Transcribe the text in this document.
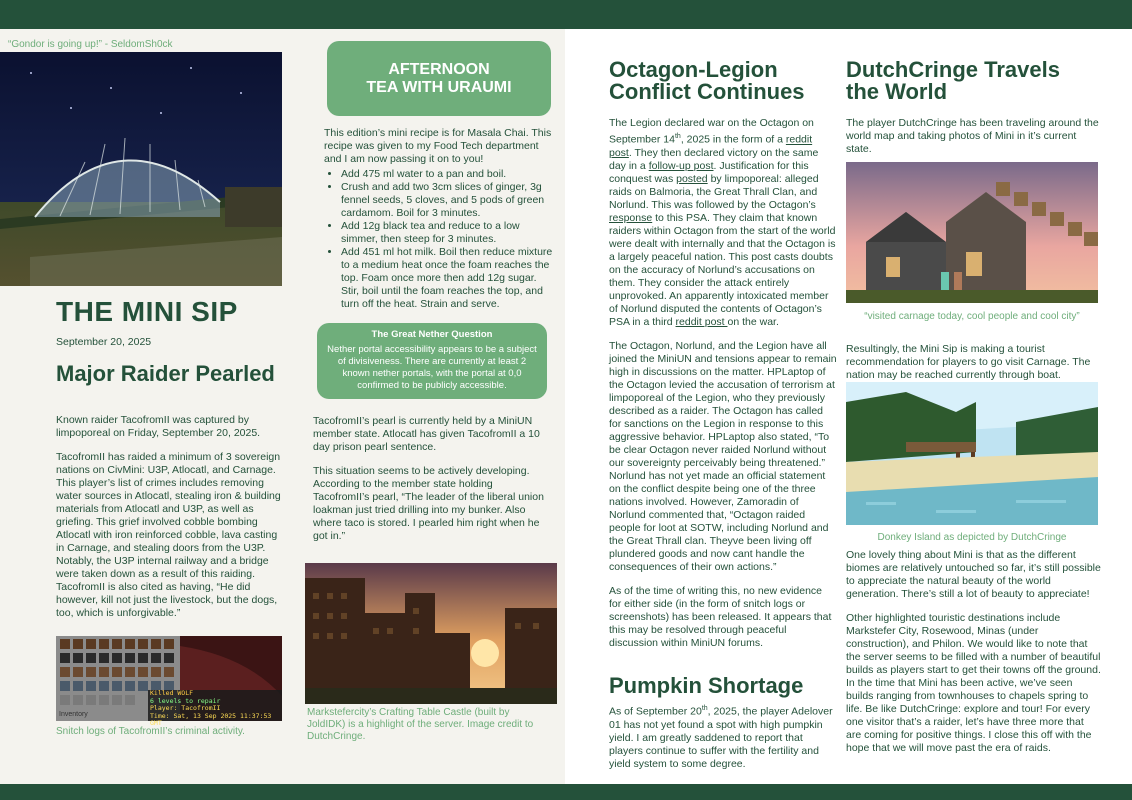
“Gondor is going up!” - SeldomSh0ck
AFTERNOON
TEA WITH URAUMI
This edition’s mini recipe is for Masala Chai. This recipe was given to my Food Tech department and I am now passing it on to you!
• Add 475 ml water to a pan and boil.
• Crush and add two 3cm slices of ginger, 3g fennel seeds, 5 cloves, and 5 pods of green cardamom. Boil for 3 minutes.
• Add 12g black tea and reduce to a low simmer, then steep for 3 minutes.
• Add 451 ml hot milk. Boil then reduce mixture to a medium heat once the foam reaches the top. Foam once more then add 12g sugar. Stir, boil until the foam reaches the top, and turn off the heat. Strain and serve.
THE MINI SIP
September 20, 2025
The Great Nether Question
Nether portal accessibility appears to be a subject of divisiveness. There are currently at least 2 known nether portals, with the portal at 0,0 confirmed to be publicly accessible.
Major Raider Pearled

Known raider TacofromII was captured by limpoporeal on Friday, September 20, 2025.

TacofromII has raided a minimum of 3 sovereign nations on CivMini: U3P, Atlocatl, and Carnage. This player’s list of crimes includes removing water sources in Atlocatl, stealing iron & building materials from Atlocatl and U3P, as well as griefing. This grief involved cobble bombing Atlocatl with iron reinforced cobble, lava casting in Carnage, and stealing doors from the U3P. Notably, the U3P internal railway and a bridge were taken down as a result of this raiding. TacofromII is also cited as having, “He did however, kill not just the livestock, but the dogs, too, which is unforgivable.”

TacofromII’s pearl is currently held by a MiniUN member state. Atlocatl has given TacofromII a 10 day prison pearl sentence.

This situation seems to be actively developing. According to the member state holding TacofromII’s pearl, “The leader of the liberal union loakman just tried drilling into my bunker. Also where taco is stored. I pearled him right when he got in.”

Killed WOLF
6 levels to repair
Player: TacofromII
Time: Sat, 13 Sep 2025 11:37:53 GMT
Inventory
Snitch logs of TacofromII’s criminal activity.
Markstefercity’s Crafting Table Castle (built by JoldIDK) is a highlight of the server. Image credit to DutchCringe.
Octagon-Legion Conflict Continues

The Legion declared war on the Octagon on September 14th, 2025 in the form of a reddit post. They then declared victory on the same day in a follow-up post. Justification for this conquest was posted by limpoporeal: alleged raids on Balmoria, the Great Thrall Clan, and Norlund. This was followed by the Octagon’s response to this PSA. They claim that known raiders within Octagon from the start of the world were dealt with internally and that the Octagon is a largely peaceful nation. This post casts doubts on the accuracy of Norlund’s accusations on them. They consider the attack entirely unprovoked. An apparently intoxicated member of Norlund disputed the contents of Octagon’s PSA in a third reddit post on the war.

The Octagon, Norlund, and the Legion have all joined the MiniUN and tensions appear to remain high in discussions on the matter. HPLaptop of the Octagon levied the accusation of terrorism at limpoporeal of the Legion, who they previously described as a raider. The Octagon has called for sanctions on the Legion in response to this aggressive behavior. HPLaptop also stated, “To be clear Octagon never raided Norlund without our sovereignty perceivably being threatened.” Norlund has not yet made an official statement on the conflict despite being one of the three nations involved. However, Zamoradin of Norlund commented that, “Octagon raided people for loot at SOTW, including Norlund and the Great Thrall clan. Theyve been living off plundered goods and now cant handle the consequences of their own actions.”

As of the time of writing this, no new evidence for either side (in the form of snitch logs or screenshots) has been released. It appears that this may be resolved through peaceful discussion within MiniUN forums.

Pumpkin Shortage
As of September 20th, 2025, the player Adelover 01 has not yet found a spot with high pumpkin yield. I am greatly saddened to report that players continue to suffer with the fertility and yield system to some degree.
DutchCringe Travels the World
The player DutchCringe has been traveling around the world map and taking photos of Mini in it’s current state.
“visited carnage today, cool people and cool city”
Resultingly, the Mini Sip is making a tourist recommendation for players to go visit Carnage. The nation may be reached currently through boat.
Donkey Island as depicted by DutchCringe

One lovely thing about Mini is that as the different biomes are relatively untouched so far, it’s still possible to appreciate the natural beauty of the world generation. There’s still a lot of beauty to appreciate!

Other highlighted touristic destinations include Markstefer City, Rosewood, Minas (under construction), and Philon. We would like to note that the server seems to be filled with a number of beautiful builds as players start to get their towns off the ground. In the time that Mini has been active, we’ve seen builds ranging from townhouses to chapels spring to life. Be like DutchCringe: explore and tour! For every one visitor that’s a raider, let’s have three more that are coming for positive things. I close this off with the hope that we will move past the era of raids.
